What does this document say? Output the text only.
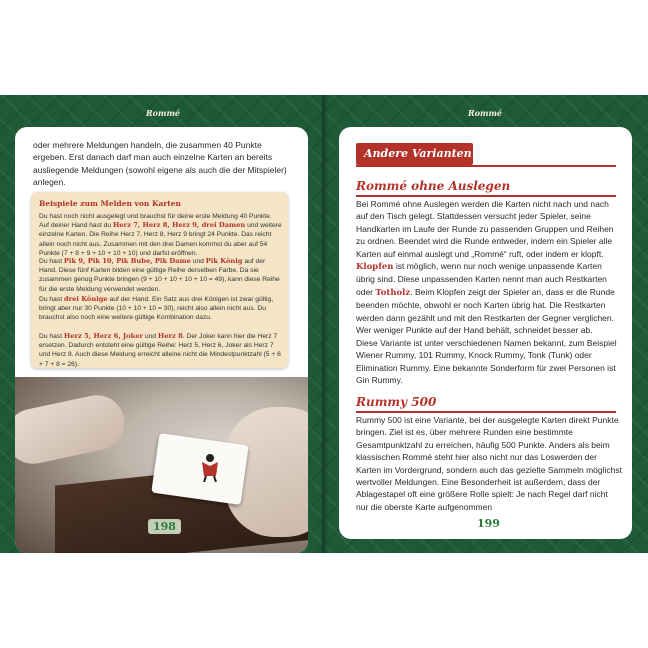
Rommé	Rommé
oder mehrere Meldungen handeln, die zusammen 40 Punkte ergeben. Erst danach darf man auch einzelne Karten an bereits ausliegende Meldungen (sowohl eigene als auch die der Mitspieler) anlegen.
Beispiele zum Melden von Karten
Du hast noch nicht ausgelegt und brauchst für deine erste Meldung 40 Punkte. Auf deiner Hand hast du Herz 7, Herz 8, Herz 9, drei Damen und weitere einzelne Karten. Die Reihe Herz 7, Herz 8, Herz 9 bringt 24 Punkte. Das reicht allein noch nicht aus. Zusammen mit den drei Damen kommst du aber auf 54 Punkte (7 + 8 + 9 + 10 + 10 + 10) und darfst eröffnen.
Du hast Pik 9, Pik 10, Pik Bube, Pik Dame und Pik König auf der Hand. Diese fünf Karten bilden eine gültige Reihe derselben Farbe. Da sie zusammen genug Punkte bringen (9 + 10 + 10 + 10 + 10 = 49), kann diese Reihe für die erste Meldung verwendet werden.
Du hast drei Könige auf der Hand. Ein Satz aus drei Königen ist zwar gültig, bringt aber nur 30 Punkte (10 + 10 + 10 = 30), reicht also allein nicht aus. Du brauchst also noch eine weitere gültige Kombination dazu.
Du hast Herz 5, Herz 6, Joker und Herz 8. Der Joker kann hier die Herz 7 ersetzen. Dadurch entsteht eine gültige Reihe: Herz 5, Herz 6, Joker als Herz 7 und Herz 8. Auch diese Meldung erreicht alleine nicht die Mindestpunktzahl (5 + 6 + 7 + 8 = 26).
198
Andere Varianten
Rommé ohne Auslegen
Bei Rommé ohne Auslegen werden die Karten nicht nach und nach auf den Tisch gelegt. Stattdessen versucht jeder Spieler, seine Handkarten im Laufe der Runde zu passenden Gruppen und Reihen zu ordnen. Beendet wird die Runde entweder, indem ein Spieler alle Karten auf einmal auslegt und „Rommé“ ruft, oder indem er klopft. Klopfen ist möglich, wenn nur noch wenige unpassende Karten übrig sind. Diese unpassenden Karten nennt man auch Restkarten oder Totholz. Beim Klopfen zeigt der Spieler an, dass er die Runde beenden möchte, obwohl er noch Karten übrig hat. Die Restkarten werden dann gezählt und mit den Restkarten der Gegner verglichen. Wer weniger Punkte auf der Hand behält, schneidet besser ab.
Diese Variante ist unter verschiedenen Namen bekannt, zum Beispiel Wiener Rummy, 101 Rummy, Knock Rummy, Tonk (Tunk) oder Elimination Rummy. Eine bekannte Sonderform für zwei Personen ist Gin Rummy.
Rummy 500
Rummy 500 ist eine Variante, bei der ausgelegte Karten direkt Punkte bringen. Ziel ist es, über mehrere Runden eine bestimmte Gesamtpunktzahl zu erreichen, häufig 500 Punkte. Anders als beim klassischen Rommé steht hier also nicht nur das Loswerden der Karten im Vordergrund, sondern auch das gezielte Sammeln möglichst wertvoller Meldungen. Eine Besonderheit ist außerdem, dass der Ablagestapel oft eine größere Rolle spielt: Je nach Regel darf nicht nur die oberste Karte aufgenommen
199
